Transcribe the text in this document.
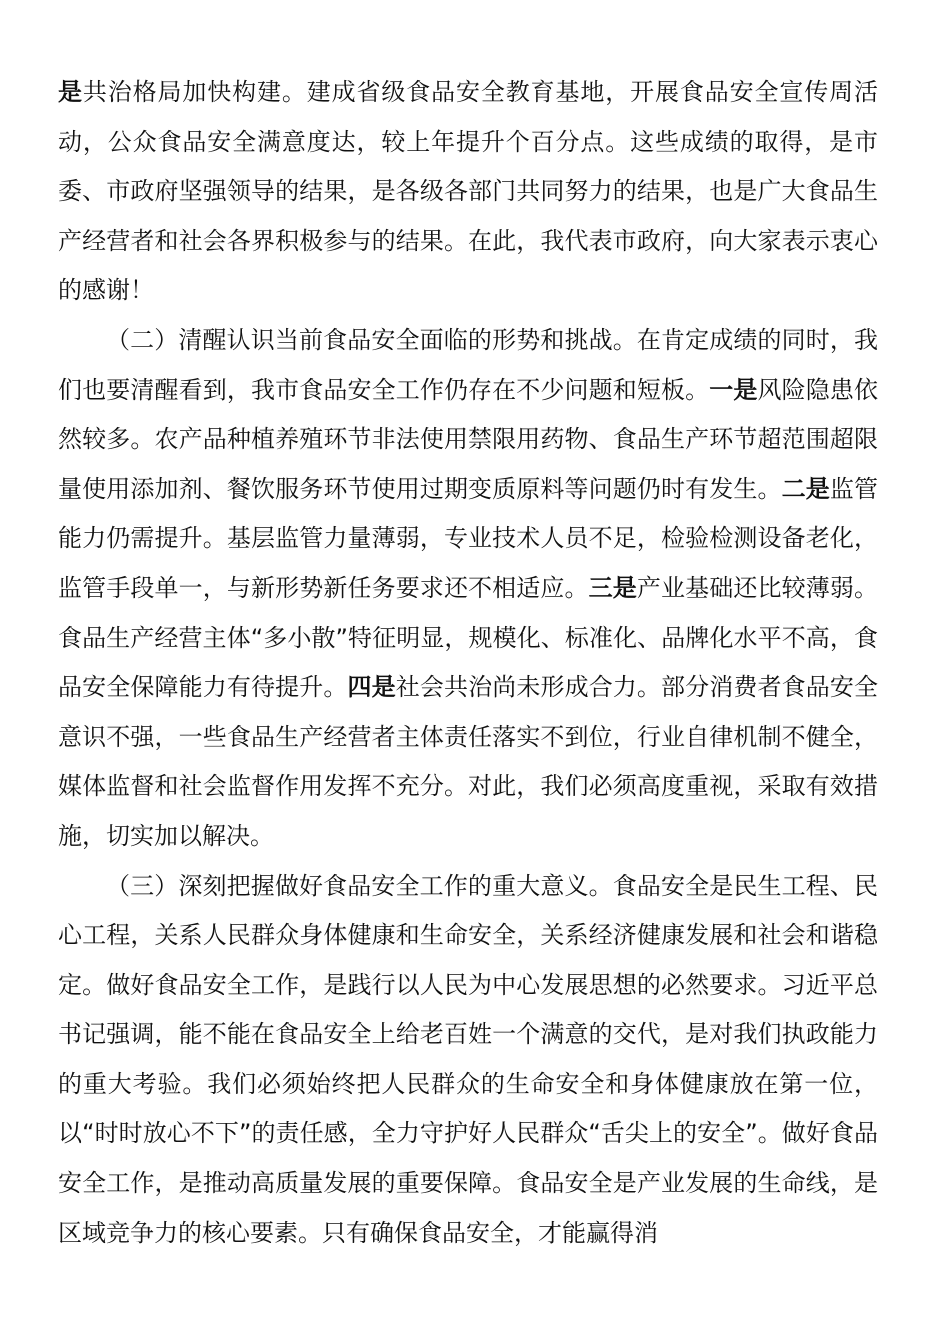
是共治格局加快构建。建成省级食品安全教育基地，开展食品安全宣传周活动，公众食品安全满意度达，较上年提升个百分点。这些成绩的取得，是市委、市政府坚强领导的结果，是各级各部门共同努力的结果，也是广大食品生产经营者和社会各界积极参与的结果。在此，我代表市政府，向大家表示衷心的感谢！

（二）清醒认识当前食品安全面临的形势和挑战。在肯定成绩的同时，我们也要清醒看到，我市食品安全工作仍存在不少问题和短板。一是风险隐患依然较多。农产品种植养殖环节非法使用禁限用药物、食品生产环节超范围超限量使用添加剂、餐饮服务环节使用过期变质原料等问题仍时有发生。二是监管能力仍需提升。基层监管力量薄弱，专业技术人员不足，检验检测设备老化，监管手段单一，与新形势新任务要求还不相适应。三是产业基础还比较薄弱。食品生产经营主体“多小散”特征明显，规模化、标准化、品牌化水平不高，食品安全保障能力有待提升。四是社会共治尚未形成合力。部分消费者食品安全意识不强，一些食品生产经营者主体责任落实不到位，行业自律机制不健全，媒体监督和社会监督作用发挥不充分。对此，我们必须高度重视，采取有效措施，切实加以解决。

（三）深刻把握做好食品安全工作的重大意义。食品安全是民生工程、民心工程，关系人民群众身体健康和生命安全，关系经济健康发展和社会和谐稳定。做好食品安全工作，是践行以人民为中心发展思想的必然要求。习近平总书记强调，能不能在食品安全上给老百姓一个满意的交代，是对我们执政能力的重大考验。我们必须始终把人民群众的生命安全和身体健康放在第一位，以“时时放心不下”的责任感，全力守护好人民群众“舌尖上的安全”。做好食品安全工作，是推动高质量发展的重要保障。食品安全是产业发展的生命线，是区域竞争力的核心要素。只有确保食品安全，才能赢得消
